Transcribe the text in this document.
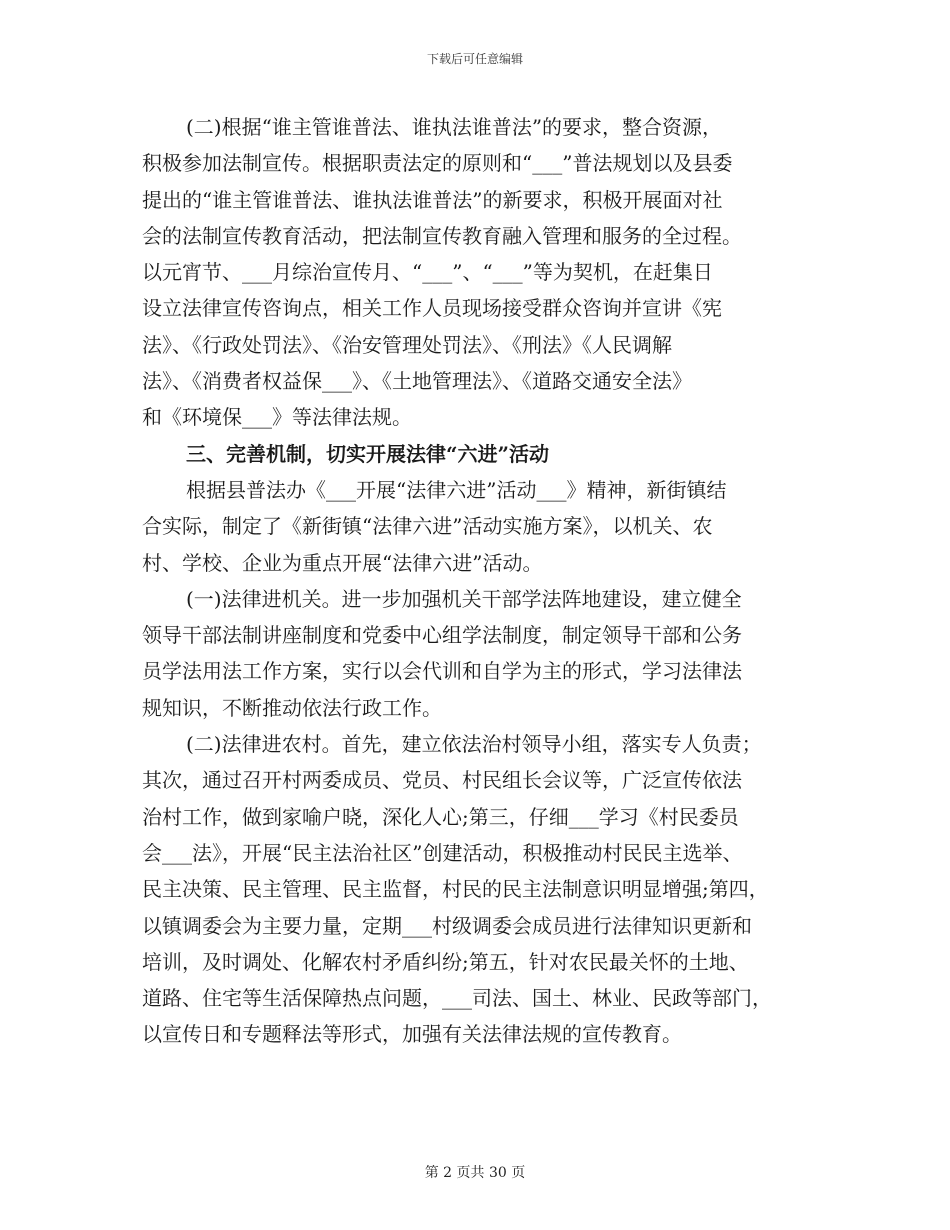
下载后可任意编辑
(二)根据“谁主管谁普法、谁执法谁普法”的要求，整合资源，
积极参加法制宣传。根据职责法定的原则和“___”普法规划以及县委
提出的“谁主管谁普法、谁执法谁普法”的新要求，积极开展面对社
会的法制宣传教育活动，把法制宣传教育融入管理和服务的全过程。
以元宵节、___月综治宣传月、“___”、“___”等为契机，在赶集日
设立法律宣传咨询点，相关工作人员现场接受群众咨询并宣讲《宪
法》、《行政处罚法》、《治安管理处罚法》、《刑法》《人民调解
法》、《消费者权益保___》、《土地管理法》、《道路交通安全法》
和《环境保___》等法律法规。
三、完善机制，切实开展法律“六进”活动
根据县普法办《___开展“法律六进”活动___》精神，新街镇结
合实际，制定了《新街镇“法律六进”活动实施方案》，以机关、农
村、学校、企业为重点开展“法律六进”活动。
(一)法律进机关。进一步加强机关干部学法阵地建设，建立健全
领导干部法制讲座制度和党委中心组学法制度，制定领导干部和公务
员学法用法工作方案，实行以会代训和自学为主的形式，学习法律法
规知识，不断推动依法行政工作。
(二)法律进农村。首先，建立依法治村领导小组，落实专人负责；
其次，通过召开村两委成员、党员、村民组长会议等，广泛宣传依法
治村工作，做到家喻户晓，深化人心;第三，仔细___学习《村民委员
会___法》，开展“民主法治社区”创建活动，积极推动村民民主选举、
民主决策、民主管理、民主监督，村民的民主法制意识明显增强;第四，
以镇调委会为主要力量，定期___村级调委会成员进行法律知识更新和
培训，及时调处、化解农村矛盾纠纷;第五，针对农民最关怀的土地、
道路、住宅等生活保障热点问题，___司法、国土、林业、民政等部门，
以宣传日和专题释法等形式，加强有关法律法规的宣传教育。
第 2 页共 30 页
